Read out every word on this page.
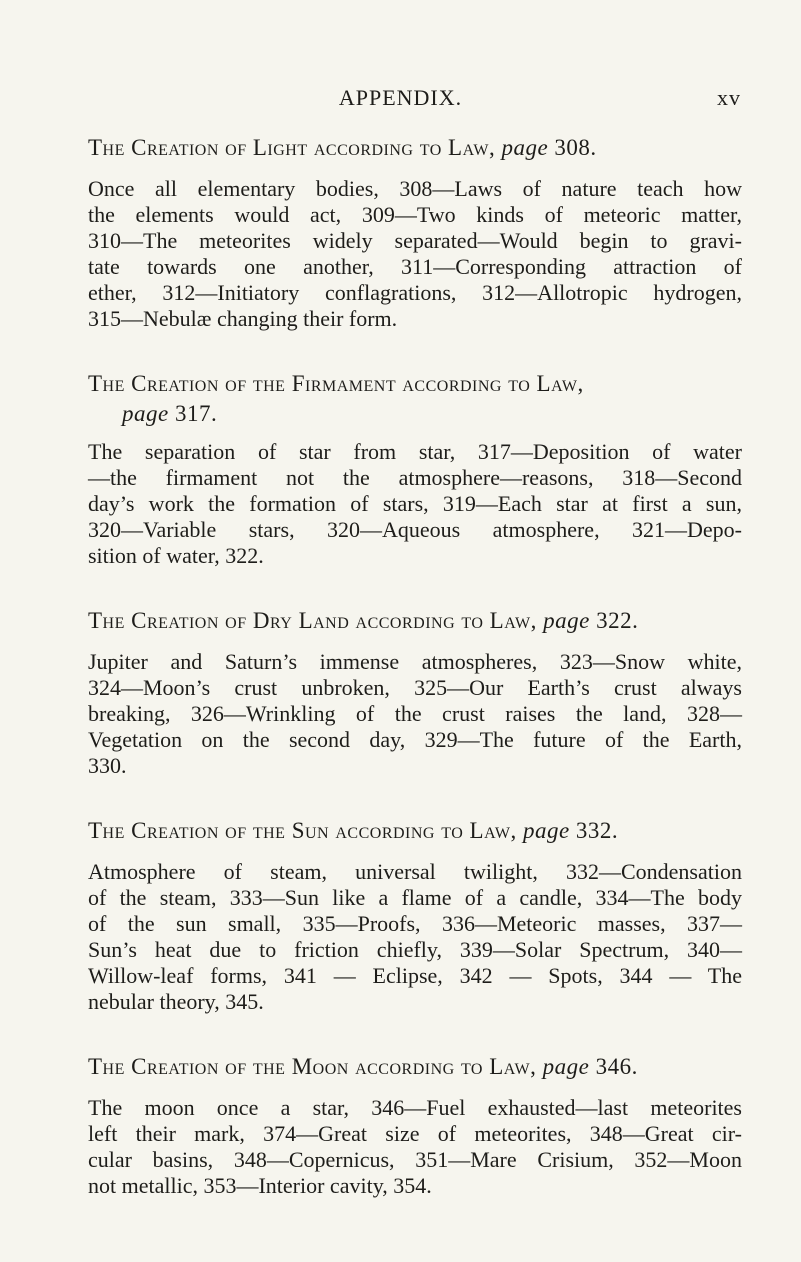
APPENDIX.	xv
The Creation of Light according to Law, page 308.
Once all elementary bodies, 308—Laws of nature teach how
the elements would act, 309—Two kinds of meteoric matter,
310—The meteorites widely separated—Would begin to gravi-
tate towards one another, 311—Corresponding attraction of
ether, 312—Initiatory conflagrations, 312—Allotropic hydrogen,
315—Nebulæ changing their form.
The Creation of the Firmament according to Law,
page 317.
The separation of star from star, 317—Deposition of water
—the firmament not the atmosphere—reasons, 318—Second
day’s work the formation of stars, 319—Each star at first a sun,
320—Variable stars, 320—Aqueous atmosphere, 321—Depo-
sition of water, 322.
The Creation of Dry Land according to Law, page 322.
Jupiter and Saturn’s immense atmospheres, 323—Snow white,
324—Moon’s crust unbroken, 325—Our Earth’s crust always
breaking, 326—Wrinkling of the crust raises the land, 328—
Vegetation on the second day, 329—The future of the Earth,
330.
The Creation of the Sun according to Law, page 332.
Atmosphere of steam, universal twilight, 332—Condensation
of the steam, 333—Sun like a flame of a candle, 334—The body
of the sun small, 335—Proofs, 336—Meteoric masses, 337—
Sun’s heat due to friction chiefly, 339—Solar Spectrum, 340—
Willow-leaf forms, 341 — Eclipse, 342 — Spots, 344 — The
nebular theory, 345.
The Creation of the Moon according to Law, page 346.
The moon once a star, 346—Fuel exhausted—last meteorites
left their mark, 374—Great size of meteorites, 348—Great cir-
cular basins, 348—Copernicus, 351—Mare Crisium, 352—Moon
not metallic, 353—Interior cavity, 354.
